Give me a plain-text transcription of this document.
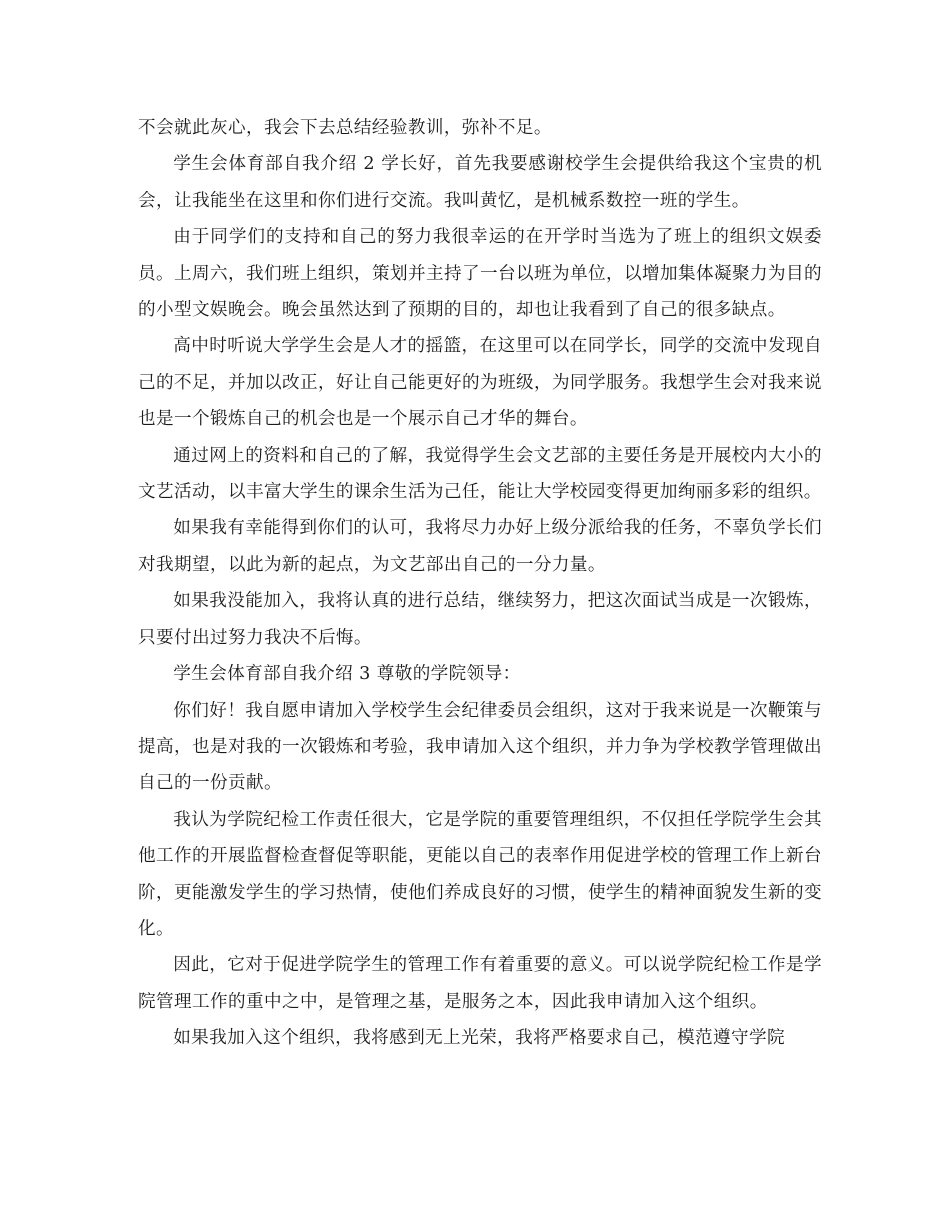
不会就此灰心，我会下去总结经验教训，弥补不足。

学生会体育部自我介绍 2 学长好，首先我要感谢校学生会提供给我这个宝贵的机会，让我能坐在这里和你们进行交流。我叫黄忆，是机械系数控一班的学生。

由于同学们的支持和自己的努力我很幸运的在开学时当选为了班上的组织文娱委员。上周六，我们班上组织，策划并主持了一台以班为单位，以增加集体凝聚力为目的的小型文娱晚会。晚会虽然达到了预期的目的，却也让我看到了自己的很多缺点。

高中时听说大学学生会是人才的摇篮，在这里可以在同学长，同学的交流中发现自己的不足，并加以改正，好让自己能更好的为班级，为同学服务。我想学生会对我来说也是一个锻炼自己的机会也是一个展示自己才华的舞台。

通过网上的资料和自己的了解，我觉得学生会文艺部的主要任务是开展校内大小的文艺活动，以丰富大学生的课余生活为己任，能让大学校园变得更加绚丽多彩的组织。

如果我有幸能得到你们的认可，我将尽力办好上级分派给我的任务，不辜负学长们对我期望，以此为新的起点，为文艺部出自己的一分力量。

如果我没能加入，我将认真的进行总结，继续努力，把这次面试当成是一次锻炼，只要付出过努力我决不后悔。

学生会体育部自我介绍 3 尊敬的学院领导：

你们好！我自愿申请加入学校学生会纪律委员会组织，这对于我来说是一次鞭策与提高，也是对我的一次锻炼和考验，我申请加入这个组织，并力争为学校教学管理做出自己的一份贡献。

我认为学院纪检工作责任很大，它是学院的重要管理组织，不仅担任学院学生会其他工作的开展监督检查督促等职能，更能以自己的表率作用促进学校的管理工作上新台阶，更能激发学生的学习热情，使他们养成良好的习惯，使学生的精神面貌发生新的变化。

因此，它对于促进学院学生的管理工作有着重要的意义。可以说学院纪检工作是学院管理工作的重中之中，是管理之基，是服务之本，因此我申请加入这个组织。

如果我加入这个组织，我将感到无上光荣，我将严格要求自己，模范遵守学院
